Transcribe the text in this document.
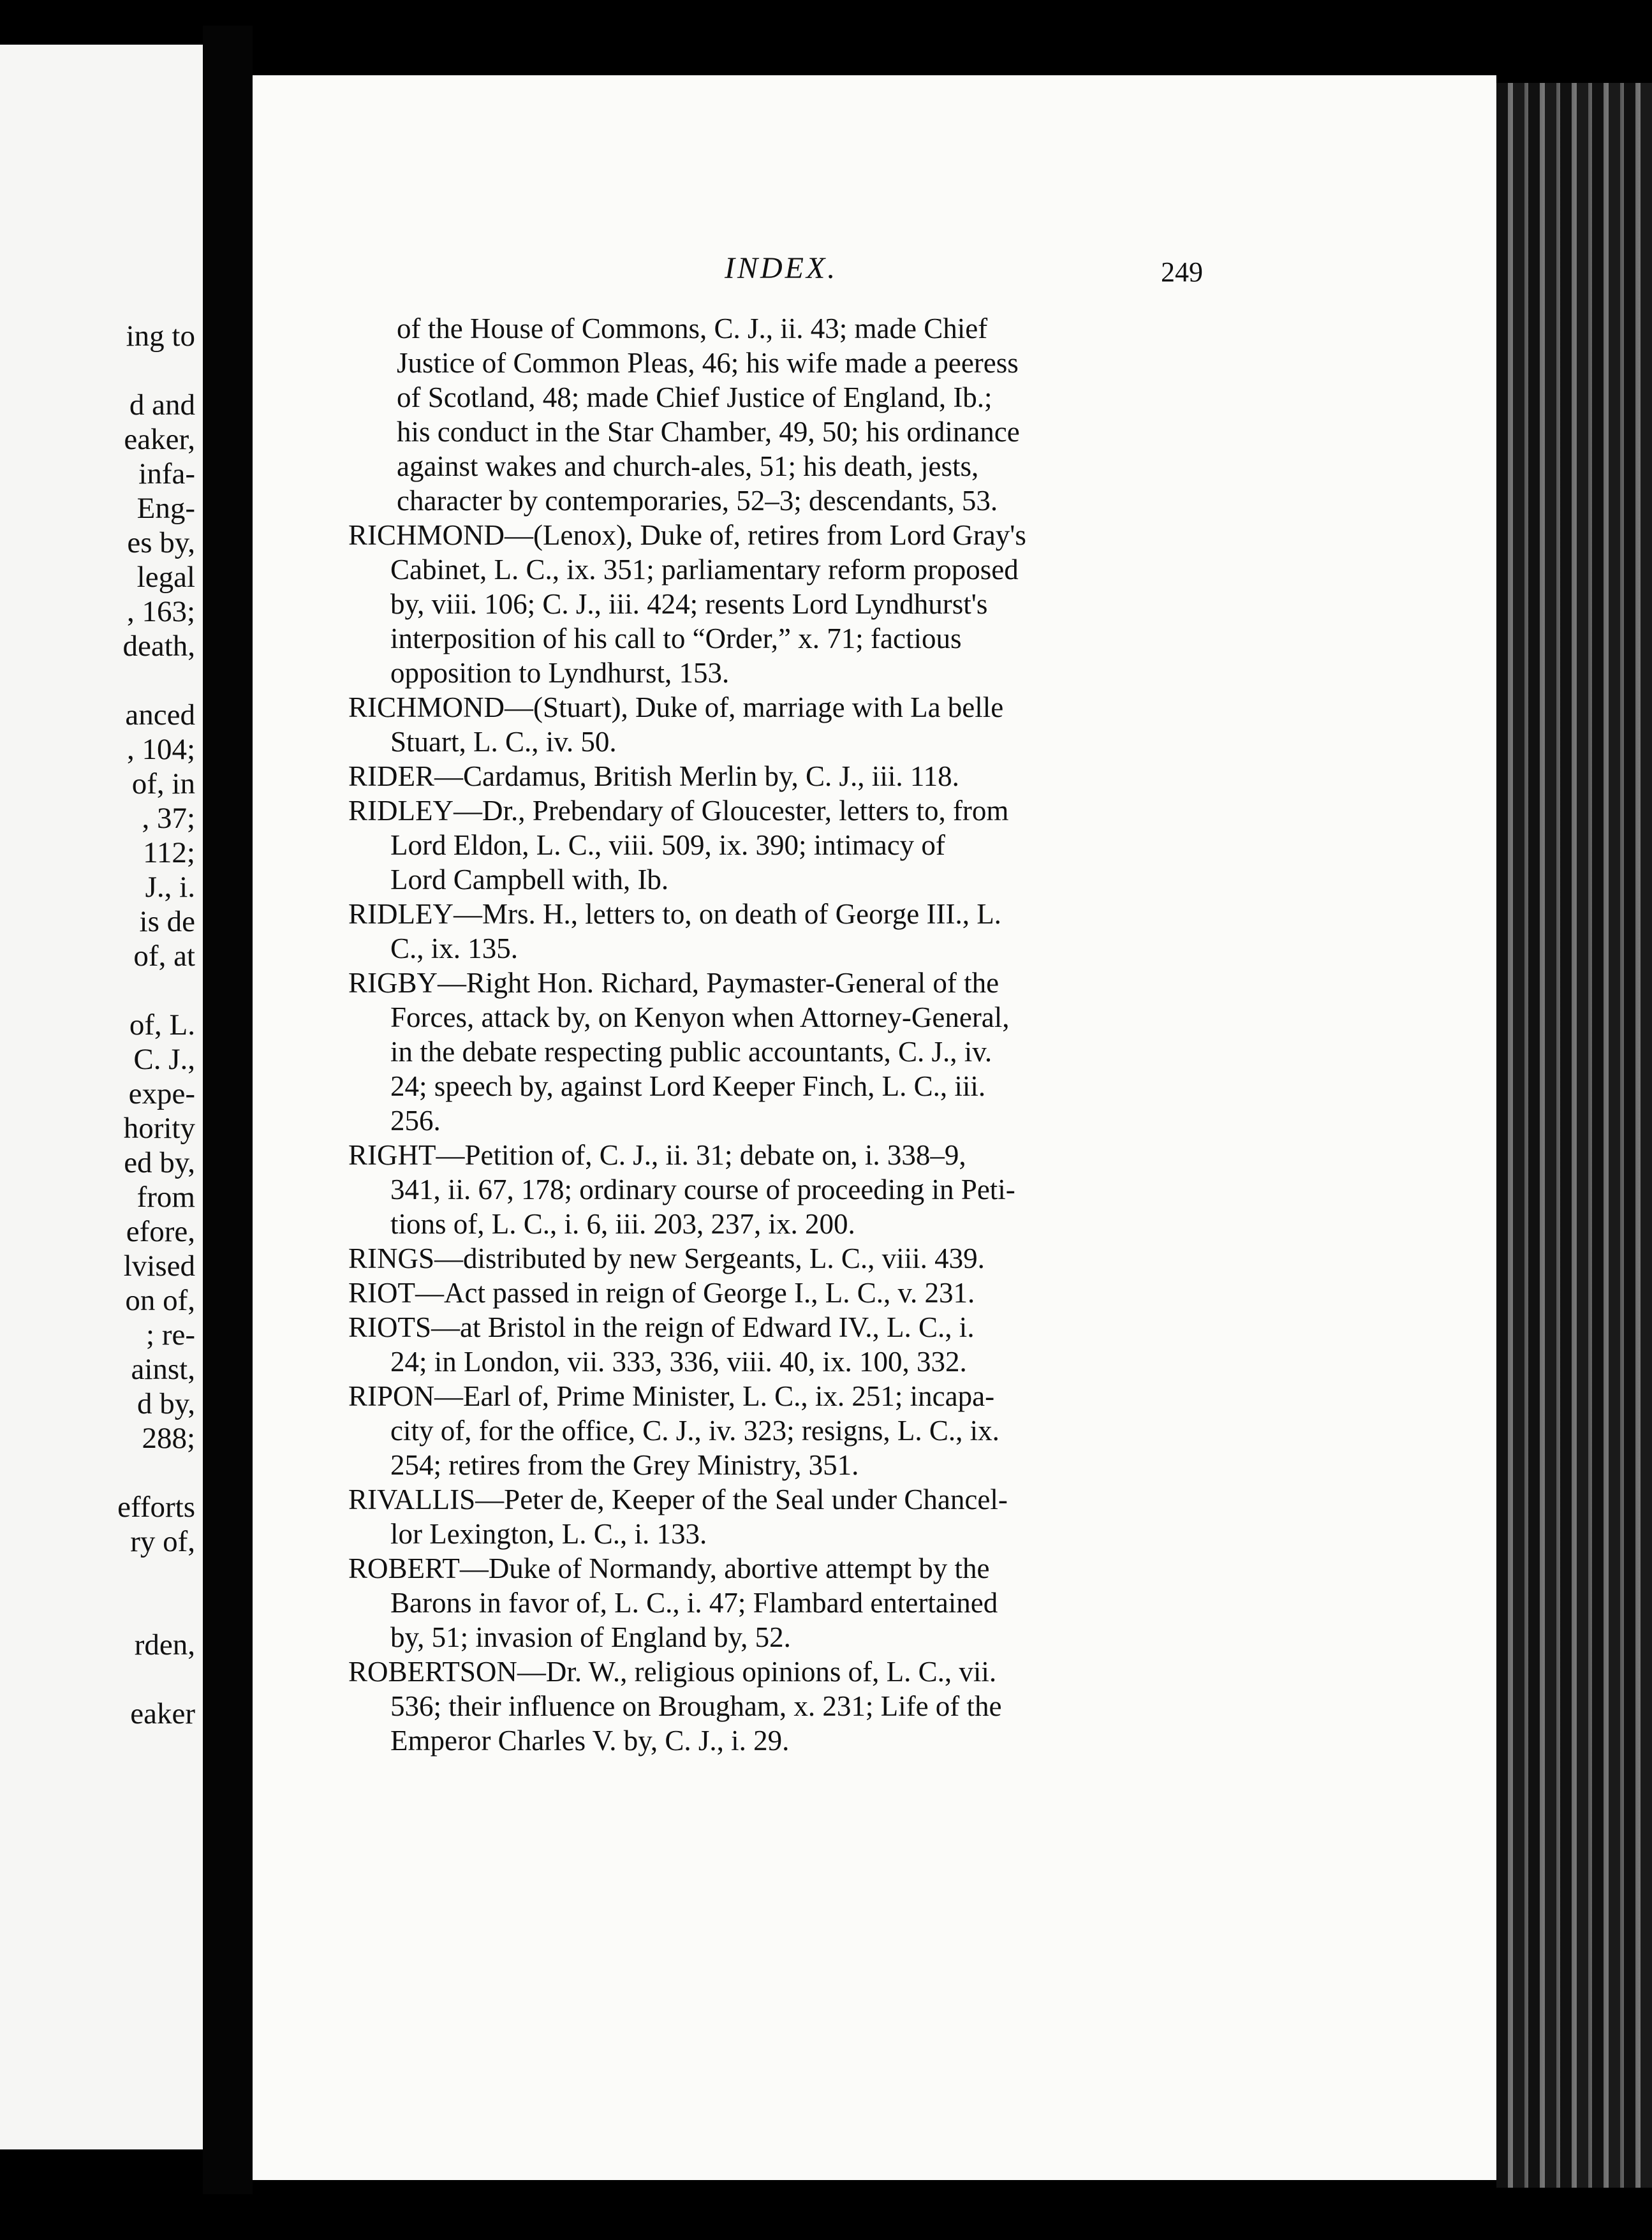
ing to
d and
eaker,
infa-
Eng-
es by,
legal
, 163;
death,
anced
, 104;
of, in
, 37;
112;
J., i.
is de
of, at
of, L.
C. J.,
expe-
hority
ed by,
from
efore,
lvised
on of,
; re-
ainst,
d by,
288;
efforts
ry of,
rden,
eaker
INDEX.	249
of the House of Commons, C. J., ii. 43; made Chief
Justice of Common Pleas, 46; his wife made a peeress
of Scotland, 48; made Chief Justice of England, Ib.;
his conduct in the Star Chamber, 49, 50; his ordinance
against wakes and church-ales, 51; his death, jests,
character by contemporaries, 52–3; descendants, 53.
RICHMOND—(Lenox), Duke of, retires from Lord Gray's
Cabinet, L. C., ix. 351; parliamentary reform proposed
by, viii. 106; C. J., iii. 424; resents Lord Lyndhurst's
interposition of his call to “Order,” x. 71; factious
opposition to Lyndhurst, 153.
RICHMOND—(Stuart), Duke of, marriage with La belle
Stuart, L. C., iv. 50.
RIDER—Cardamus, British Merlin by, C. J., iii. 118.
RIDLEY—Dr., Prebendary of Gloucester, letters to, from
Lord Eldon, L. C., viii. 509, ix. 390; intimacy of
Lord Campbell with, Ib.
RIDLEY—Mrs. H., letters to, on death of George III., L.
C., ix. 135.
RIGBY—Right Hon. Richard, Paymaster-General of the
Forces, attack by, on Kenyon when Attorney-General,
in the debate respecting public accountants, C. J., iv.
24; speech by, against Lord Keeper Finch, L. C., iii.
256.
RIGHT—Petition of, C. J., ii. 31; debate on, i. 338–9,
341, ii. 67, 178; ordinary course of proceeding in Peti-
tions of, L. C., i. 6, iii. 203, 237, ix. 200.
RINGS—distributed by new Sergeants, L. C., viii. 439.
RIOT—Act passed in reign of George I., L. C., v. 231.
RIOTS—at Bristol in the reign of Edward IV., L. C., i.
24; in London, vii. 333, 336, viii. 40, ix. 100, 332.
RIPON—Earl of, Prime Minister, L. C., ix. 251; incapa-
city of, for the office, C. J., iv. 323; resigns, L. C., ix.
254; retires from the Grey Ministry, 351.
RIVALLIS—Peter de, Keeper of the Seal under Chancel-
lor Lexington, L. C., i. 133.
ROBERT—Duke of Normandy, abortive attempt by the
Barons in favor of, L. C., i. 47; Flambard entertained
by, 51; invasion of England by, 52.
ROBERTSON—Dr. W., religious opinions of, L. C., vii.
536; their influence on Brougham, x. 231; Life of the
Emperor Charles V. by, C. J., i. 29.
